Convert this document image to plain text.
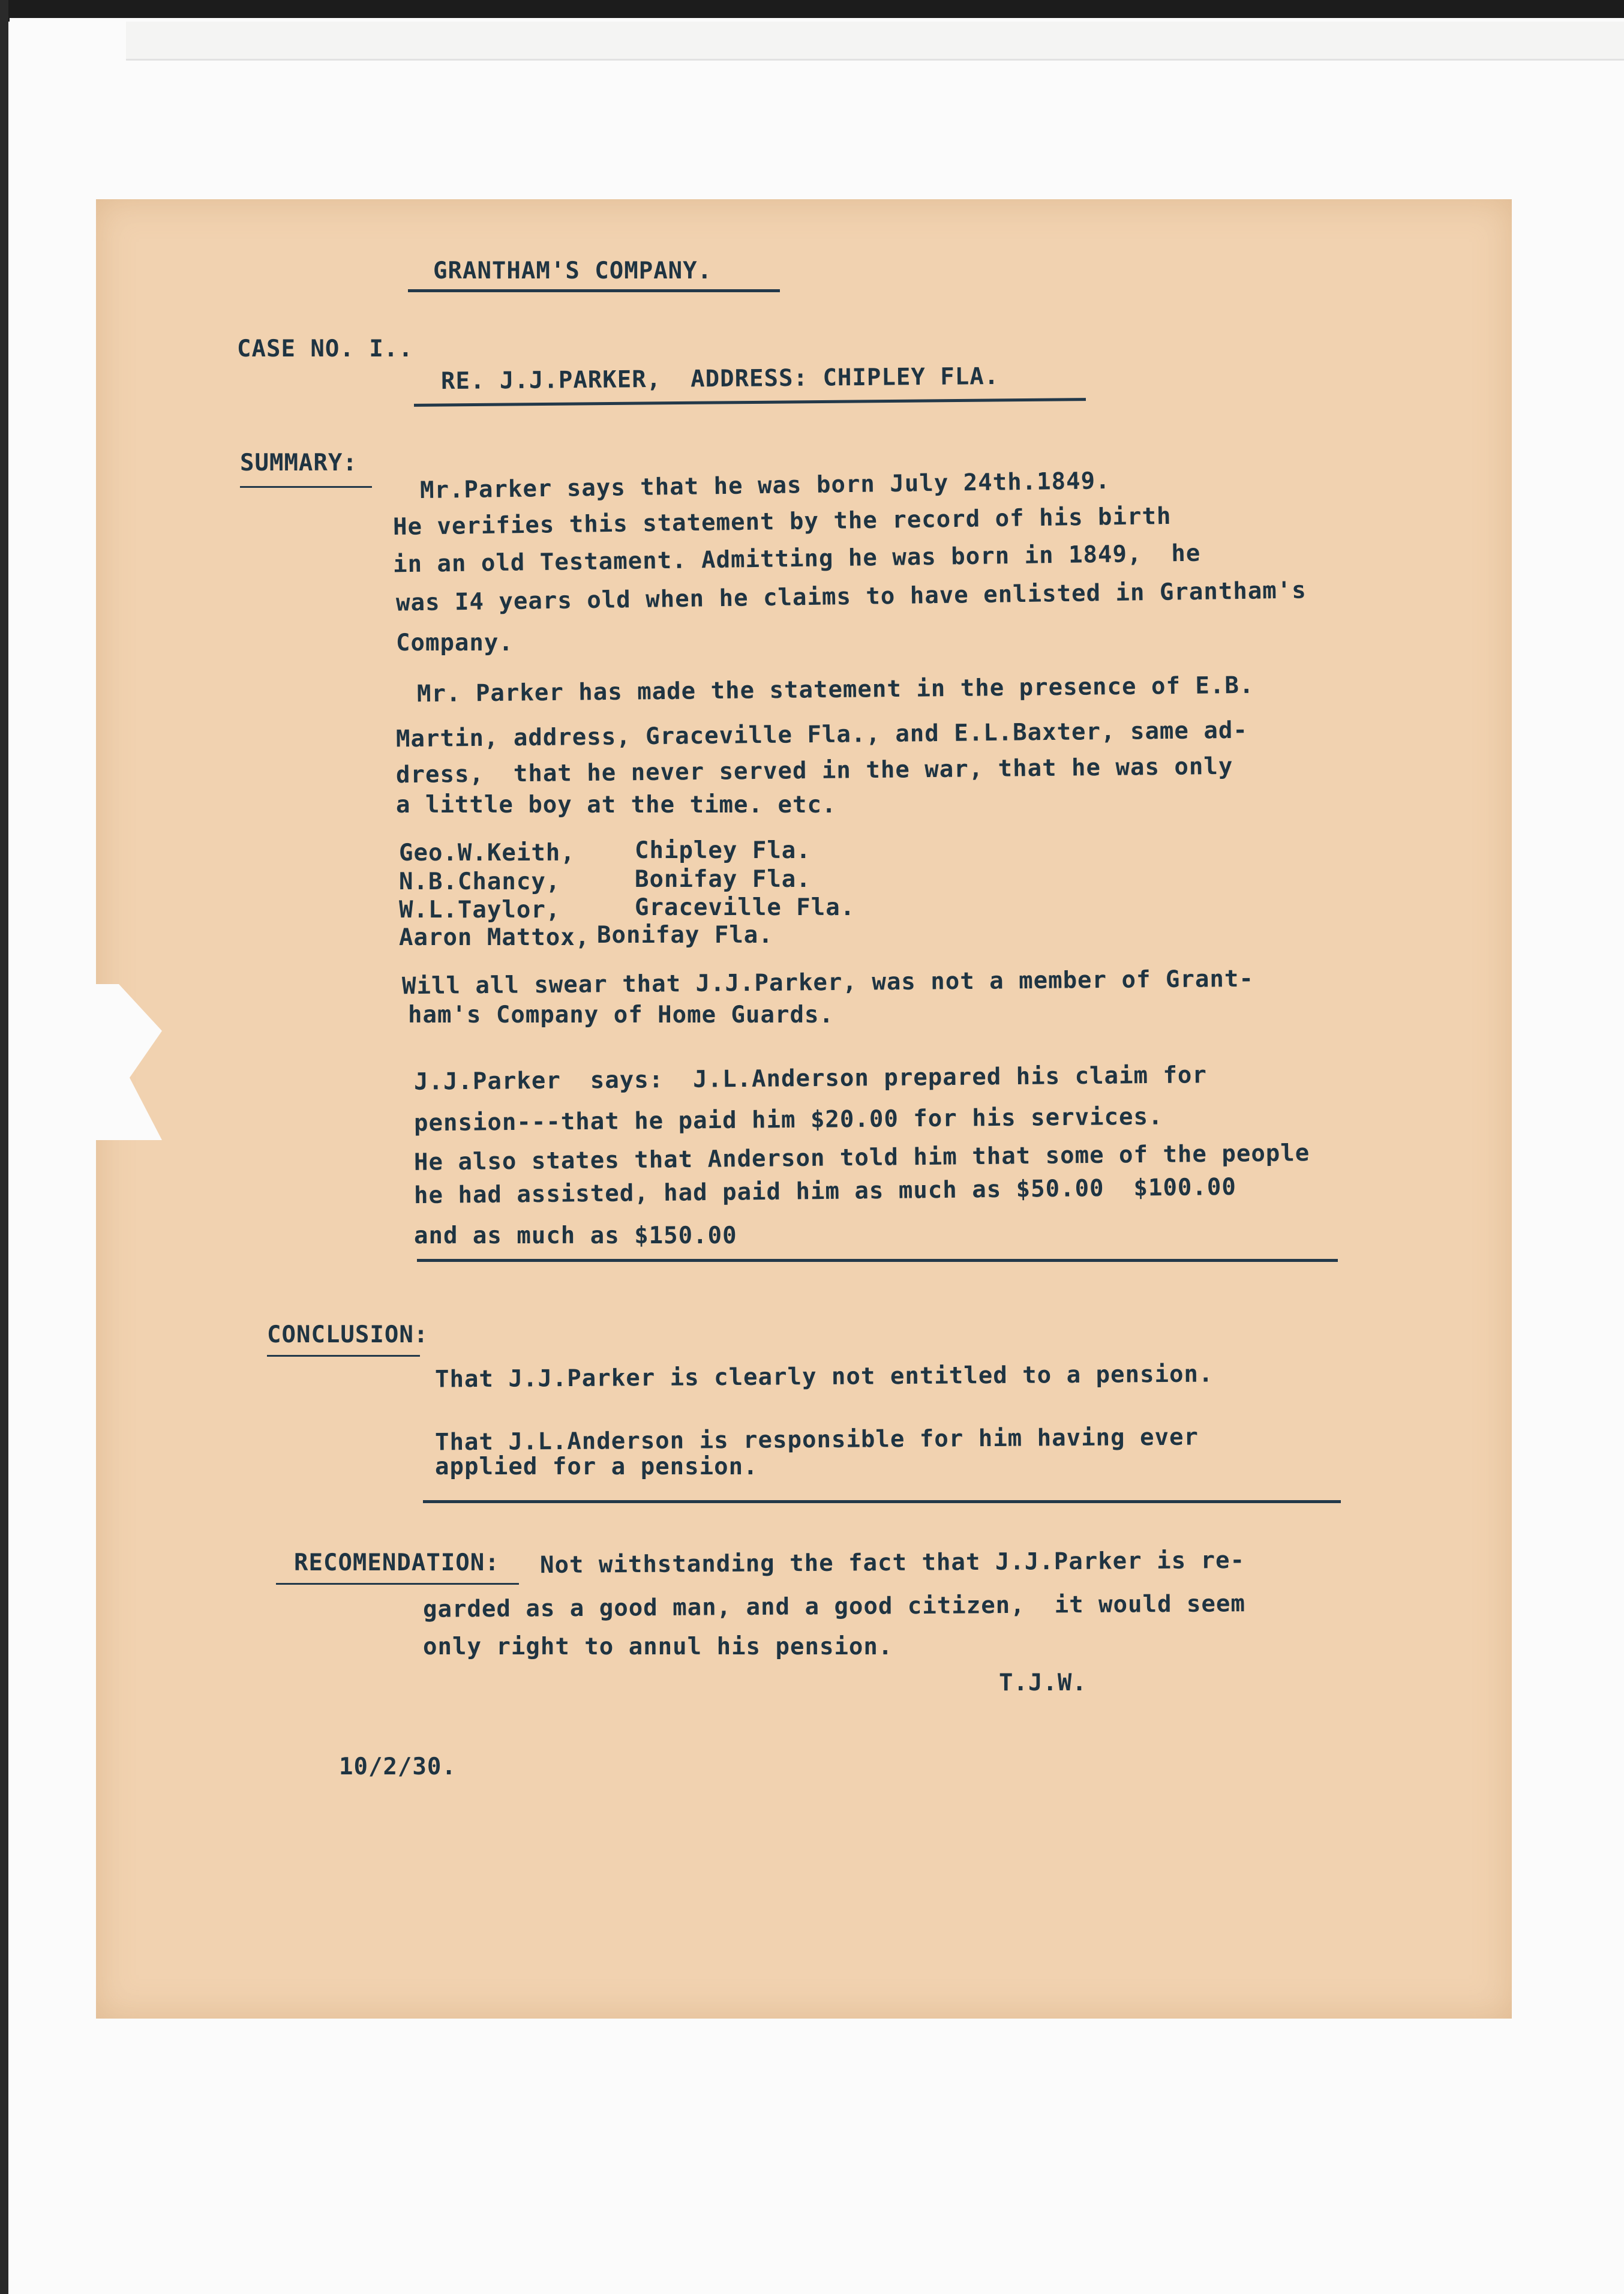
GRANTHAM'S COMPANY.
CASE NO. I..
RE. J.J.PARKER,  ADDRESS: CHIPLEY FLA.
SUMMARY:
Mr.Parker says that he was born July 24th.1849.
He verifies this statement by the record of his birth
in an old Testament. Admitting he was born in 1849,  he
was I4 years old when he claims to have enlisted in Grantham's
Company.
Mr. Parker has made the statement in the presence of E.B.
Martin, address, Graceville Fla., and E.L.Baxter, same ad-
dress,  that he never served in the war, that he was only
a little boy at the time. etc.
Geo.W.Keith,	Chipley Fla.
N.B.Chancy,	Bonifay Fla.
W.L.Taylor,	Graceville Fla.
Aaron Mattox, Bonifay Fla.
Will all swear that J.J.Parker, was not a member of Grant-
ham's Company of Home Guards.
J.J.Parker  says:  J.L.Anderson prepared his claim for
pension---that he paid him $20.00 for his services.
He also states that Anderson told him that some of the people
he had assisted, had paid him as much as $50.00  $100.00
and as much as $150.00
CONCLUSION:
That J.J.Parker is clearly not entitled to a pension.
That J.L.Anderson is responsible for him having ever
applied for a pension.
RECOMENDATION: Not withstanding the fact that J.J.Parker is re-
garded as a good man, and a good citizen,  it would seem
only right to annul his pension.
T.J.W.
10/2/30.
